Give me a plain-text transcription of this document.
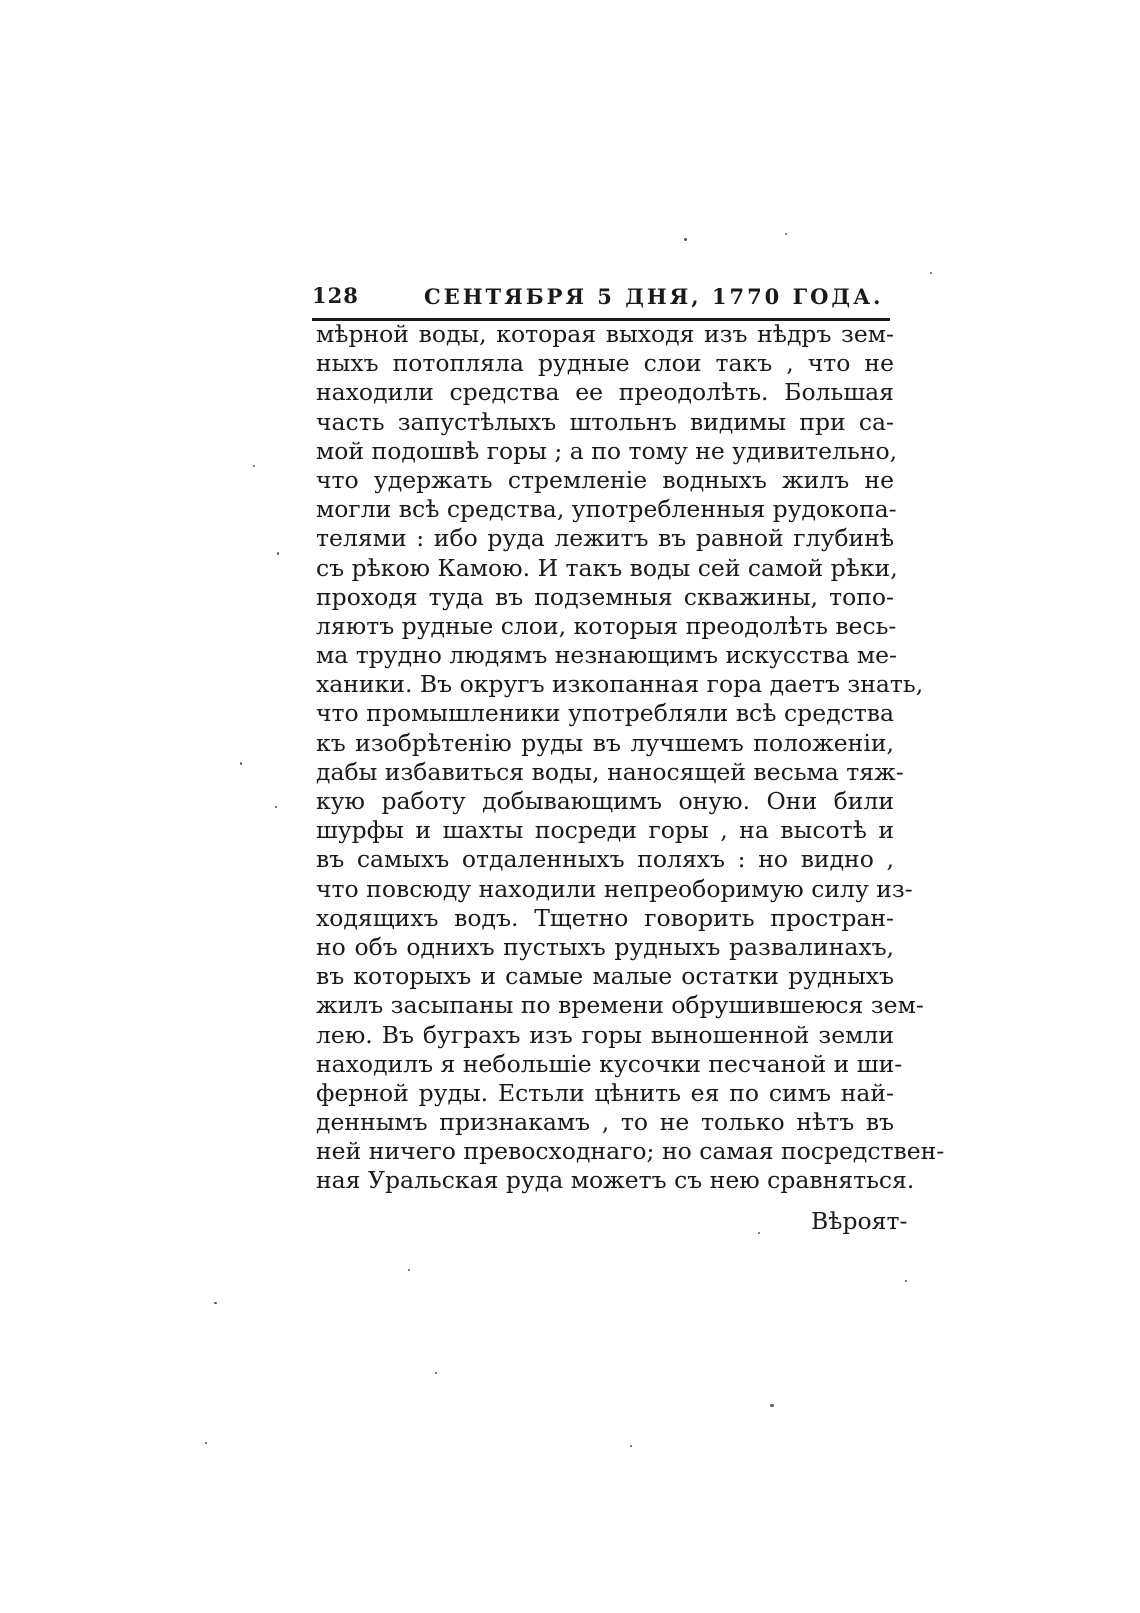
128	СЕНТЯБРЯ 5 ДНЯ, 1770 ГОДА.
мѣрной воды, которая выходя изъ нѣдръ зем-
ныхъ потопляла рудные слои такъ , что не
находили средства ее преодолѣть. Большая
часть запустѣлыхъ штольнъ видимы при са-
мой подошвѣ горы ; а по тому не удивительно,
что удержать стремленіе водныхъ жилъ не
могли всѣ средства, употребленныя рудокопа-
телями : ибо руда лежитъ въ равной глубинѣ
съ рѣкою Камою. И такъ воды сей самой рѣки,
проходя туда въ подземныя скважины, топо-
ляютъ рудные слои, которыя преодолѣть весь-
ма трудно людямъ незнающимъ искусства ме-
ханики. Въ округъ изкопанная гора даетъ знать,
что промышленики употребляли всѣ средства
къ изобрѣтенію руды въ лучшемъ положеніи,
дабы избавиться воды, наносящей весьма тяж-
кую работу добывающимъ оную. Они били
шурфы и шахты посреди горы , на высотѣ и
въ самыхъ отдаленныхъ поляхъ : но видно ,
что повсюду находили непреоборимую силу из-
ходящихъ водъ. Тщетно говорить простран-
но объ однихъ пустыхъ рудныхъ развалинахъ,
въ которыхъ и самые малые остатки рудныхъ
жилъ засыпаны по времени обрушившеюся зем-
лею. Въ буграхъ изъ горы выношенной земли
находилъ я небольшіе кусочки песчаной и ши-
ферной руды. Естьли цѣнить ея по симъ най-
деннымъ признакамъ , то не только нѣтъ въ
ней ничего превосходнаго; но самая посредствен-
ная Уральская руда можетъ съ нею сравняться.
Вѣроят-
